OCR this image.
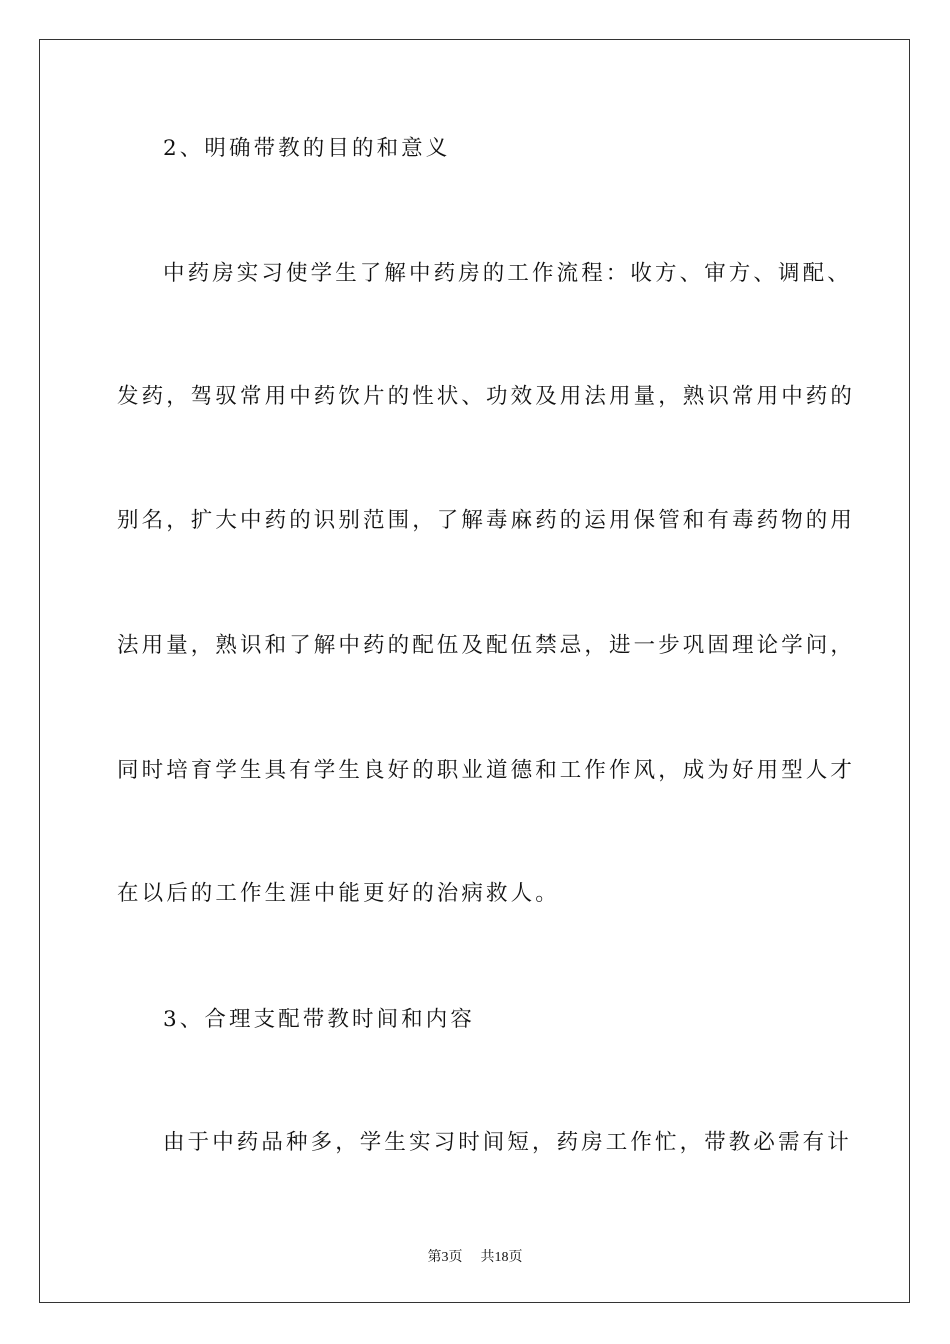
2、明确带教的目的和意义
中药房实习使学生了解中药房的工作流程：收方、审方、调配、
发药，驾驭常用中药饮片的性状、功效及用法用量，熟识常用中药的
别名，扩大中药的识别范围，了解毒麻药的运用保管和有毒药物的用
法用量，熟识和了解中药的配伍及配伍禁忌，进一步巩固理论学问，
同时培育学生具有学生良好的职业道德和工作作风，成为好用型人才
在以后的工作生涯中能更好的治病救人。
3、合理支配带教时间和内容
由于中药品种多，学生实习时间短，药房工作忙，带教必需有计
第3页 共18页
